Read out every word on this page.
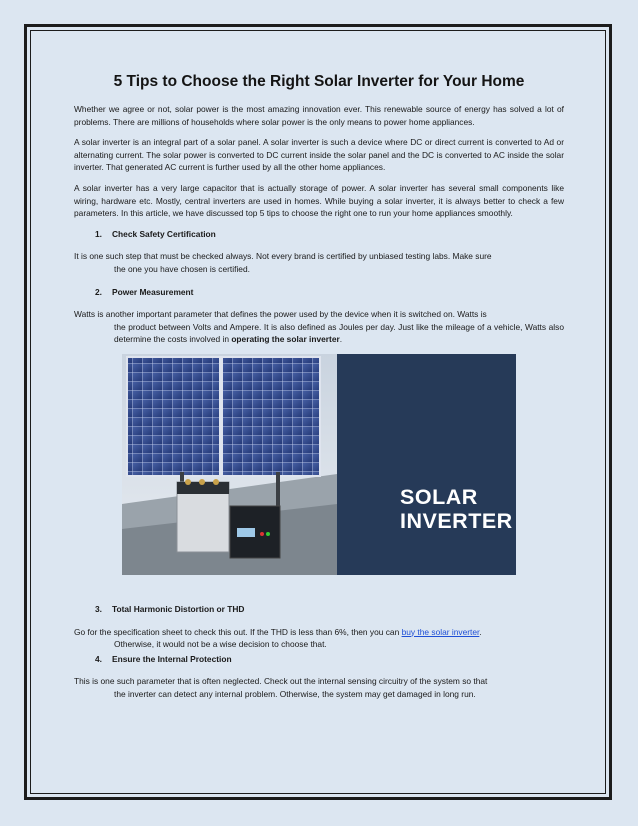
5 Tips to Choose the Right Solar Inverter for Your Home

Whether we agree or not, solar power is the most amazing innovation ever. This renewable source of energy has solved a lot of problems. There are millions of households where solar power is the only means to power home appliances.

A solar inverter is an integral part of a solar panel. A solar inverter is such a device where DC or direct current is converted to Ad or alternating current. The solar power is converted to DC current inside the solar panel and the DC is converted to AC inside the solar inverter. That generated AC current is further used by all the other home appliances.

A solar inverter has a very large capacitor that is actually storage of power. A solar inverter has several small components like wiring, hardware etc. Mostly, central inverters are used in homes. While buying a solar inverter, it is always better to check a few parameters. In this article, we have discussed top 5 tips to choose the right one to run your home appliances smoothly.

1. Check Safety Certification

It is one such step that must be checked always. Not every brand is certified by unbiased testing labs. Make sure
the one you have chosen is certified.

2. Power Measurement

Watts is another important parameter that defines the power used by the device when it is switched on. Watts is
the product between Volts and Ampere. It is also defined as Joules per day. Just like the mileage of a vehicle, Watts also determine the costs involved in operating the solar inverter.

SOLAR
INVERTER
3. Total Harmonic Distortion or THD

Go for the specification sheet to check this out. If the THD is less than 6%, then you can buy the solar inverter.
Otherwise, it would not be a wise decision to choose that.

4. Ensure the Internal Protection

This is one such parameter that is often neglected. Check out the internal sensing circuitry of the system so that
the inverter can detect any internal problem. Otherwise, the system may get damaged in long run.
